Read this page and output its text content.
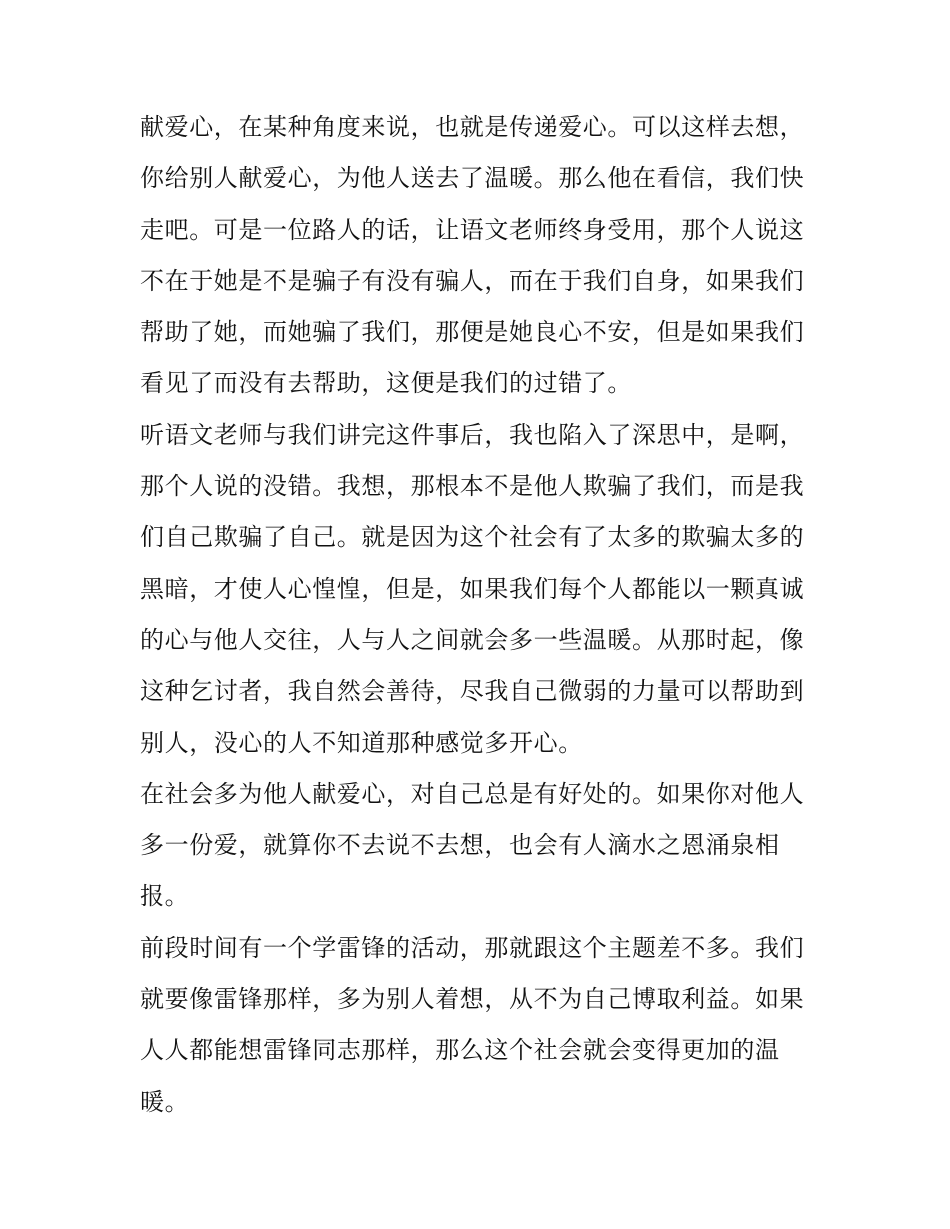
献爱心，在某种角度来说，也就是传递爱心。可以这样去想，
你给别人献爱心，为他人送去了温暖。那么他在看信，我们快
走吧。可是一位路人的话，让语文老师终身受用，那个人说这
不在于她是不是骗子有没有骗人，而在于我们自身，如果我们
帮助了她，而她骗了我们，那便是她良心不安，但是如果我们
看见了而没有去帮助，这便是我们的过错了。
听语文老师与我们讲完这件事后，我也陷入了深思中，是啊，
那个人说的没错。我想，那根本不是他人欺骗了我们，而是我
们自己欺骗了自己。就是因为这个社会有了太多的欺骗太多的
黑暗，才使人心惶惶，但是，如果我们每个人都能以一颗真诚
的心与他人交往，人与人之间就会多一些温暖。从那时起，像
这种乞讨者，我自然会善待，尽我自己微弱的力量可以帮助到
别人，没心的人不知道那种感觉多开心。
在社会多为他人献爱心，对自己总是有好处的。如果你对他人
多一份爱，就算你不去说不去想，也会有人滴水之恩涌泉相
报。
前段时间有一个学雷锋的活动，那就跟这个主题差不多。我们
就要像雷锋那样，多为别人着想，从不为自己博取利益。如果
人人都能想雷锋同志那样，那么这个社会就会变得更加的温
暖。
